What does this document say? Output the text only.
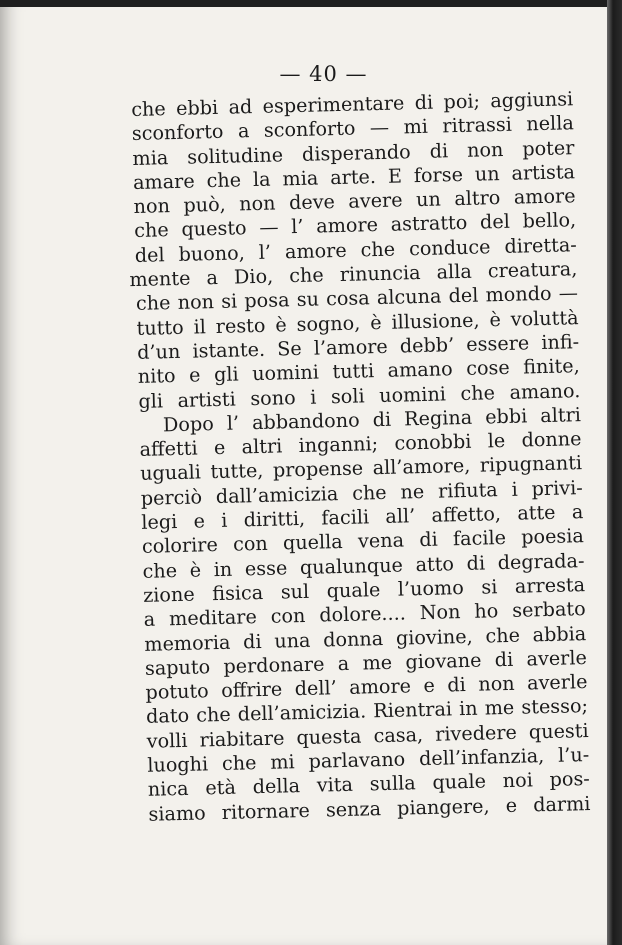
— 40 —
che ebbi ad esperimentare di poi; aggiunsi
sconforto a sconforto — mi ritrassi nella
mia solitudine disperando di non poter
amare che la mia arte. E forse un artista
non può, non deve avere un altro amore
che questo — l’ amore astratto del bello,
del buono, l’ amore che conduce diretta-
mente a Dio, che rinuncia alla creatura,
che non si posa su cosa alcuna del mondo —
tutto il resto è sogno, è illusione, è voluttà
d’un istante. Se l’amore debb’ essere infi-
nito e gli uomini tutti amano cose finite,
gli artisti sono i soli uomini che amano.
Dopo l’ abbandono di Regina ebbi altri
affetti e altri inganni; conobbi le donne
uguali tutte, propense all’amore, ripugnanti
perciò dall’amicizia che ne rifiuta i privi-
legi e i diritti, facili all’ affetto, atte a
colorire con quella vena di facile poesia
che è in esse qualunque atto di degrada-
zione fisica sul quale l’uomo si arresta
a meditare con dolore.... Non ho serbato
memoria di una donna giovine, che abbia
saputo perdonare a me giovane di averle
potuto offrire dell’ amore e di non averle
dato che dell’amicizia. Rientrai in me stesso;
volli riabitare questa casa, rivedere questi
luoghi che mi parlavano dell’infanzia, l’u-
nica età della vita sulla quale noi pos-
siamo ritornare senza piangere, e darmi
